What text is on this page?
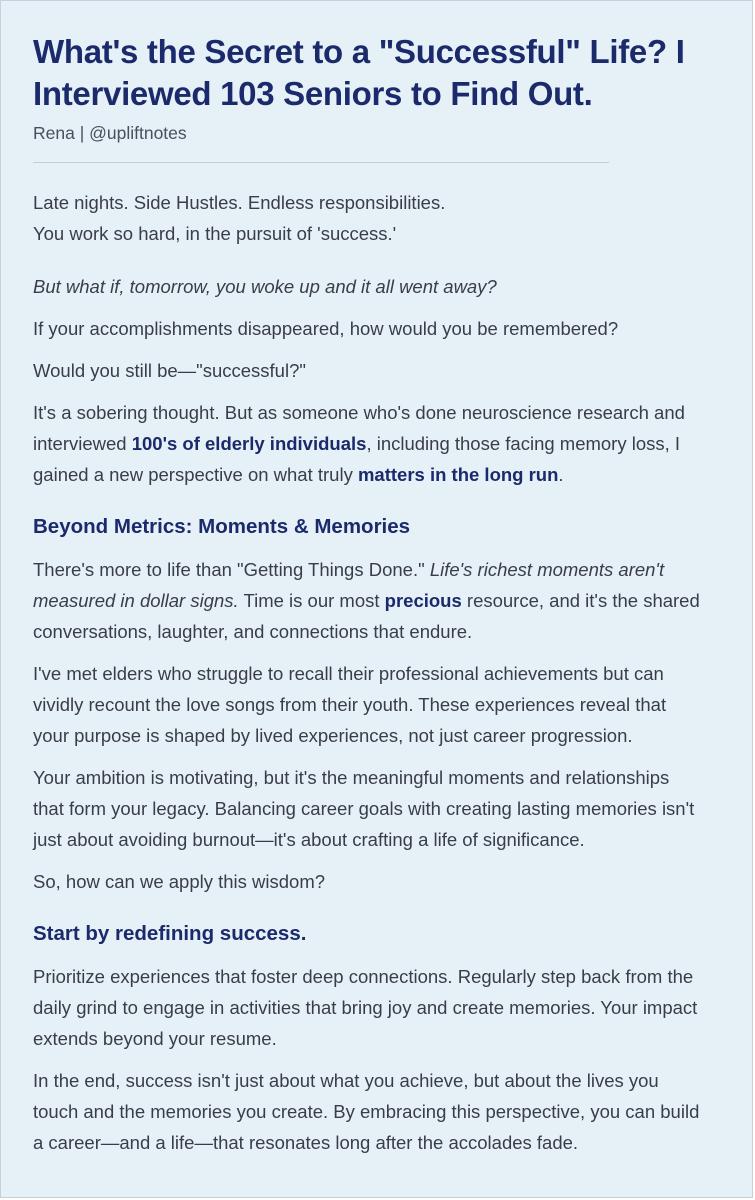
What's the Secret to a "Successful" Life? I Interviewed 103 Seniors to Find Out.
Rena | @upliftnotes

Late nights. Side Hustles. Endless responsibilities.
You work so hard, in the pursuit of 'success.'

But what if, tomorrow, you woke up and it all went away?

If your accomplishments disappeared, how would you be remembered?

Would you still be—"successful?"

It's a sobering thought. But as someone who's done neuroscience research and interviewed 100's of elderly individuals, including those facing memory loss, I gained a new perspective on what truly matters in the long run.

Beyond Metrics: Moments & Memories

There's more to life than "Getting Things Done." Life's richest moments aren't measured in dollar signs. Time is our most precious resource, and it's the shared conversations, laughter, and connections that endure.

I've met elders who struggle to recall their professional achievements but can vividly recount the love songs from their youth. These experiences reveal that your purpose is shaped by lived experiences, not just career progression.

Your ambition is motivating, but it's the meaningful moments and relationships that form your legacy. Balancing career goals with creating lasting memories isn't just about avoiding burnout—it's about crafting a life of significance.

So, how can we apply this wisdom?

Start by redefining success.

Prioritize experiences that foster deep connections. Regularly step back from the daily grind to engage in activities that bring joy and create memories. Your impact extends beyond your resume.

In the end, success isn't just about what you achieve, but about the lives you touch and the memories you create. By embracing this perspective, you can build a career—and a life—that resonates long after the accolades fade.
